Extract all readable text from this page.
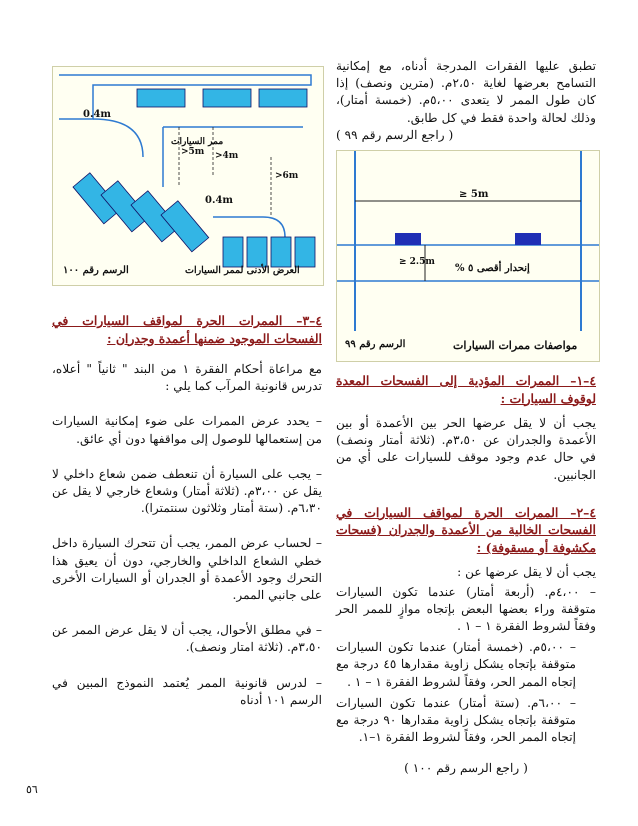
تطبق عليها الفقرات المدرجة أدناه، مع إمكانية التسامح بعرضها لغاية ٢،٥٠م. (مترين ونصف) إذا كان طول الممر لا يتعدى ٥،٠٠م. (خمسة أمتار)، وذلك لحالة واحدة فقط في كل طابق.

( راجع الرسم رقم ٩٩ )

≥ 5m
≥ 2.5m
إنحدار أقصى ٥ %
الرسم رقم ٩٩	مواصفات ممرات السيارات
٤–١– الممرات المؤدية إلى الفسحات المعدة لوقوف السيارات :

يجب أن لا يقل عرضها الحر بين الأعمدة أو بين الأعمدة والجدران عن ٣،٥٠م. (ثلاثة أمتار ونصف) في حال عدم وجود موقف للسيارات على أي من الجانبين.

٤–٢– الممرات الحرة لمواقف السيارات في الفسحات الخالية من الأعمدة والجدران (فسحات مكشوفة أو مسقوفة) :

يجب أن لا يقل عرضها عن :

– ٤،٠٠م. (أربعة أمتار) عندما تكون السيارات متوقفة وراء بعضها البعض بإتجاه موازٍ للممر الحر وفقاً لشروط الفقرة ١ – ١ .
– ٥،٠٠م. (خمسة أمتار) عندما تكون السيارات متوقفة بإتجاه يشكل زاوية مقدارها ٤٥ درجة مع إتجاه الممر الحر، وفقاً لشروط الفقرة ١ – ١ .
– ٦،٠٠م. (ستة أمتار) عندما تكون السيارات متوقفة بإتجاه يشكل زاوية مقدارها ٩٠ درجة مع إتجاه الممر الحر، وفقاً لشروط الفقرة ١–١.

( راجع الرسم رقم ١٠٠ )

0.4m
ممر السيارات
>5m >4m
>6m
0.4m
الرسم رقم ١٠٠	العرض الأدنى لممر السيارات
٤–٣– الممرات الحرة لمواقف السيارات في الفسحات الموجود ضمنها أعمدة وجدران :

مع مراعاة أحكام الفقرة ١ من البند " ثانياً " أعلاه، تدرس قانونية المرآب كما يلي :

– يحدد عرض الممرات على ضوء إمكانية السيارات من إستعمالها للوصول إلى مواقفها دون أي عائق.
– يجب على السيارة أن تنعطف ضمن شعاع داخلي لا يقل عن ٣،٠٠م. (ثلاثة أمتار) وشعاع خارجي لا يقل عن ٦،٣٠م. (ستة أمتار وثلاثون سنتمترا).
– لحساب عرض الممر، يجب أن تتحرك السيارة داخل خطي الشعاع الداخلي والخارجي، دون أن يعيق هذا التحرك وجود الأعمدة أو الجدران أو السيارات الأخرى على جانبي الممر.
– في مطلق الأحوال، يجب أن لا يقل عرض الممر عن ٣،٥٠م. (ثلاثة امتار ونصف).
– لدرس قانونية الممر يُعتمد النموذج المبين في الرسم ١٠١ أدناه
٥٦
